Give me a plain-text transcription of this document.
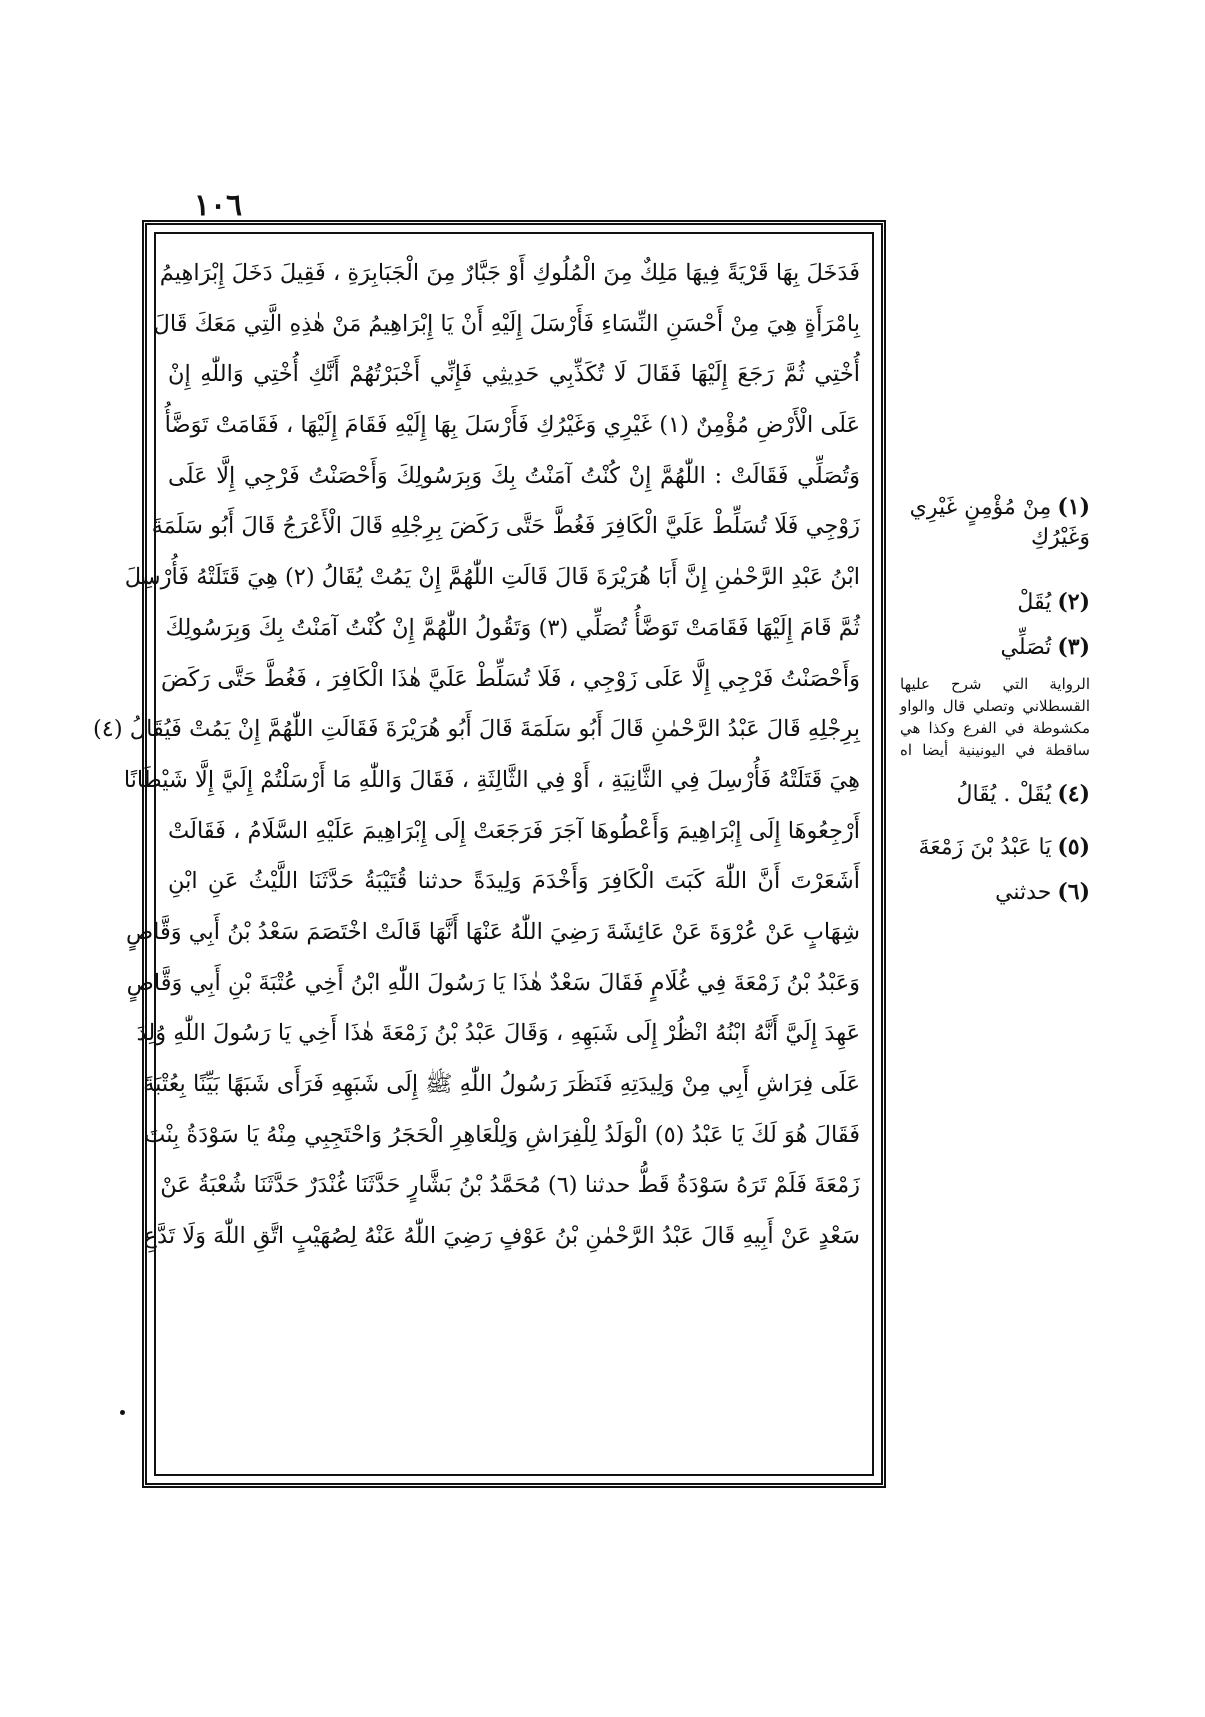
١٠٦
فَدَخَلَ بِهَا قَرْيَةً فِيهَا مَلِكٌ مِنَ الْمُلُوكِ أَوْ جَبَّارٌ مِنَ الْجَبَابِرَةِ ، فَقِيلَ دَخَلَ إِبْرَاهِيمُ
بِامْرَأَةٍ هِيَ مِنْ أَحْسَنِ النِّسَاءِ فَأَرْسَلَ إِلَيْهِ أَنْ يَا إِبْرَاهِيمُ مَنْ هٰذِهِ الَّتِي مَعَكَ قَالَ
أُخْتِي ثُمَّ رَجَعَ إِلَيْهَا فَقَالَ لَا تُكَذِّبِي حَدِيثِي فَإِنِّي أَخْبَرْتُهُمْ أَنَّكِ أُخْتِي وَاللّٰهِ إِنْ
عَلَى الْأَرْضِ مُؤْمِنٌ (١) غَيْرِي وَغَيْرُكِ فَأَرْسَلَ بِهَا إِلَيْهِ فَقَامَ إِلَيْهَا ، فَقَامَتْ تَوَضَّأُ
وَتُصَلِّي فَقَالَتْ : اللّٰهُمَّ إِنْ كُنْتُ آمَنْتُ بِكَ وَبِرَسُولِكَ وَأَحْصَنْتُ فَرْجِي إِلَّا عَلَى
زَوْجِي فَلَا تُسَلِّطْ عَلَيَّ الْكَافِرَ فَغُطَّ حَتَّى رَكَضَ بِرِجْلِهِ قَالَ الْأَعْرَجُ قَالَ أَبُو سَلَمَةَ
ابْنُ عَبْدِ الرَّحْمٰنِ إِنَّ أَبَا هُرَيْرَةَ قَالَ قَالَتِ اللّٰهُمَّ إِنْ يَمُتْ يُقَالُ (٢) هِيَ قَتَلَتْهُ فَأُرْسِلَ
ثُمَّ قَامَ إِلَيْهَا فَقَامَتْ تَوَضَّأُ تُصَلِّي (٣) وَتَقُولُ اللّٰهُمَّ إِنْ كُنْتُ آمَنْتُ بِكَ وَبِرَسُولِكَ
وَأَحْصَنْتُ فَرْجِي إِلَّا عَلَى زَوْجِي ، فَلَا تُسَلِّطْ عَلَيَّ هٰذَا الْكَافِرَ ، فَغُطَّ حَتَّى رَكَضَ
بِرِجْلِهِ قَالَ عَبْدُ الرَّحْمٰنِ قَالَ أَبُو سَلَمَةَ قَالَ أَبُو هُرَيْرَةَ فَقَالَتِ اللّٰهُمَّ إِنْ يَمُتْ فَيُقَالُ (٤)
هِيَ قَتَلَتْهُ فَأُرْسِلَ فِي الثَّانِيَةِ ، أَوْ فِي الثَّالِثَةِ ، فَقَالَ وَاللّٰهِ مَا أَرْسَلْتُمْ إِلَيَّ إِلَّا شَيْطَانًا
أَرْجِعُوهَا إِلَى إِبْرَاهِيمَ وَأَعْطُوهَا آجَرَ فَرَجَعَتْ إِلَى إِبْرَاهِيمَ عَلَيْهِ السَّلَامُ ، فَقَالَتْ
أَشَعَرْتَ أَنَّ اللّٰهَ كَبَتَ الْكَافِرَ وَأَخْدَمَ وَلِيدَةً حدثنا قُتَيْبَةُ حَدَّثَنَا اللَّيْثُ عَنِ ابْنِ
شِهَابٍ عَنْ عُرْوَةَ عَنْ عَائِشَةَ رَضِيَ اللّٰهُ عَنْهَا أَنَّهَا قَالَتْ اخْتَصَمَ سَعْدُ بْنُ أَبِي وَقَّاصٍ
وَعَبْدُ بْنُ زَمْعَةَ فِي غُلَامٍ فَقَالَ سَعْدٌ هٰذَا يَا رَسُولَ اللّٰهِ ابْنُ أَخِي عُتْبَةَ بْنِ أَبِي وَقَّاصٍ
عَهِدَ إِلَيَّ أَنَّهُ ابْنُهُ انْظُرْ إِلَى شَبَهِهِ ، وَقَالَ عَبْدُ بْنُ زَمْعَةَ هٰذَا أَخِي يَا رَسُولَ اللّٰهِ وُلِدَ
عَلَى فِرَاشِ أَبِي مِنْ وَلِيدَتِهِ فَنَظَرَ رَسُولُ اللّٰهِ ﷺ إِلَى شَبَهِهِ فَرَأَى شَبَهًا بَيِّنًا بِعُتْبَةَ
فَقَالَ هُوَ لَكَ يَا عَبْدُ (٥) الْوَلَدُ لِلْفِرَاشِ وَلِلْعَاهِرِ الْحَجَرُ وَاحْتَجِبِي مِنْهُ يَا سَوْدَةُ بِنْتَ
زَمْعَةَ فَلَمْ تَرَهُ سَوْدَةُ قَطُّ حدثنا (٦) مُحَمَّدُ بْنُ بَشَّارٍ حَدَّثَنَا غُنْدَرٌ حَدَّثَنَا شُعْبَةُ عَنْ
سَعْدٍ عَنْ أَبِيهِ قَالَ عَبْدُ الرَّحْمٰنِ بْنُ عَوْفٍ رَضِيَ اللّٰهُ عَنْهُ لِصُهَيْبٍ اتَّقِ اللّٰهَ وَلَا تَدَّعِ
(١)مِنْ مُؤْمِنٍ غَيْرِي وَغَيْرُكِ
(٢)يُقَلْ
(٣)تُصَلِّي
الرواية التي شرح عليها القسطلاني وتصلي قال والواو مكشوطة في الفرع وكذا هي ساقطة في اليونينية أيضا اه
(٤)يُقَلْ . يُقَالُ
(٥)يَا عَبْدُ بْنَ زَمْعَةَ
(٦)حدثني
